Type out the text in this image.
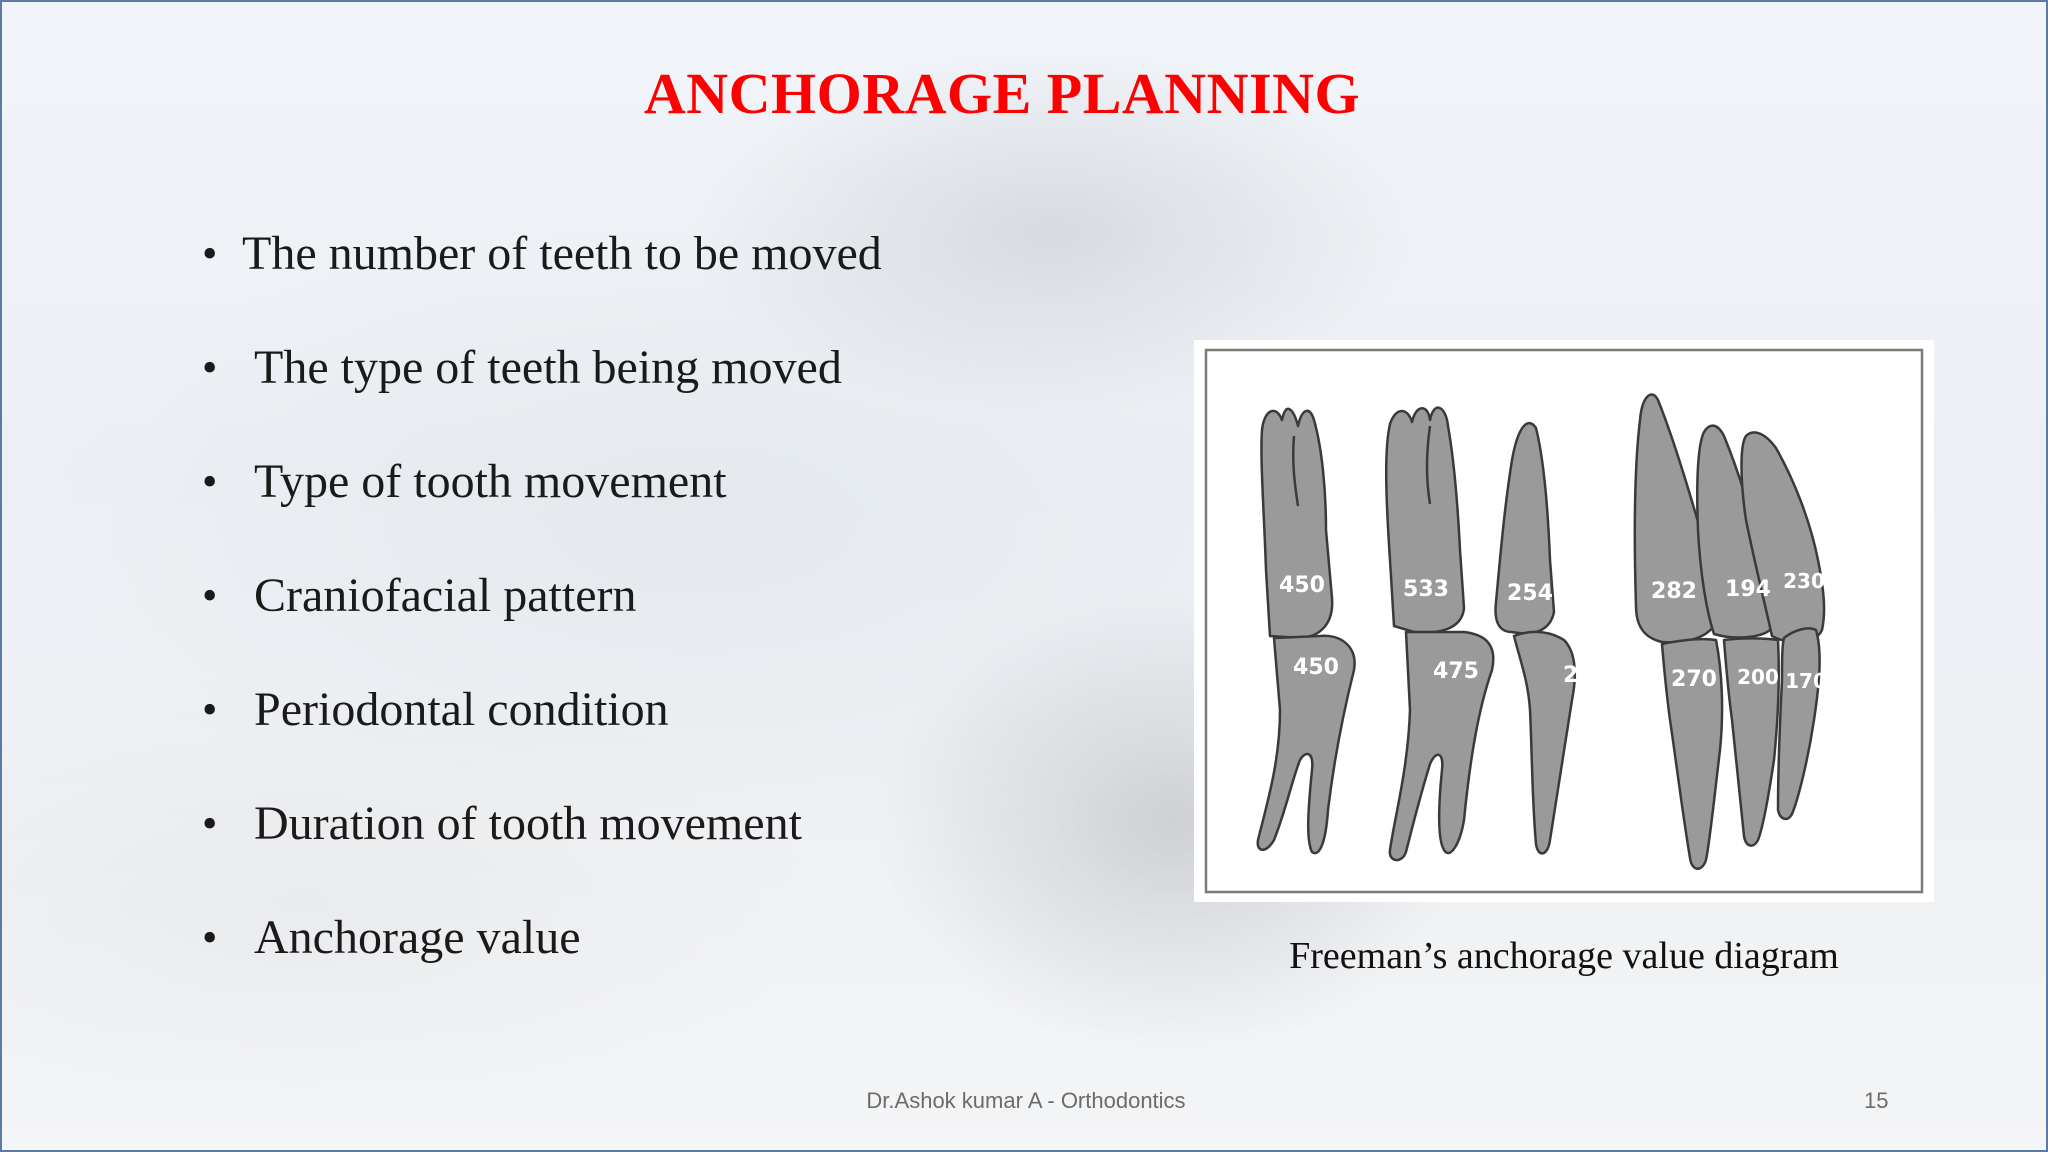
ANCHORAGE PLANNING
• The number of teeth to be moved
• The type of teeth being moved
• Type of tooth movement
• Craniofacial pattern
• Periodontal condition
• Duration of tooth movement
• Anchorage value
450
450
533
475
254
240
282
270
194
200
230
170
Freeman’s anchorage value diagram
Dr.Ashok kumar A - Orthodontics	15
